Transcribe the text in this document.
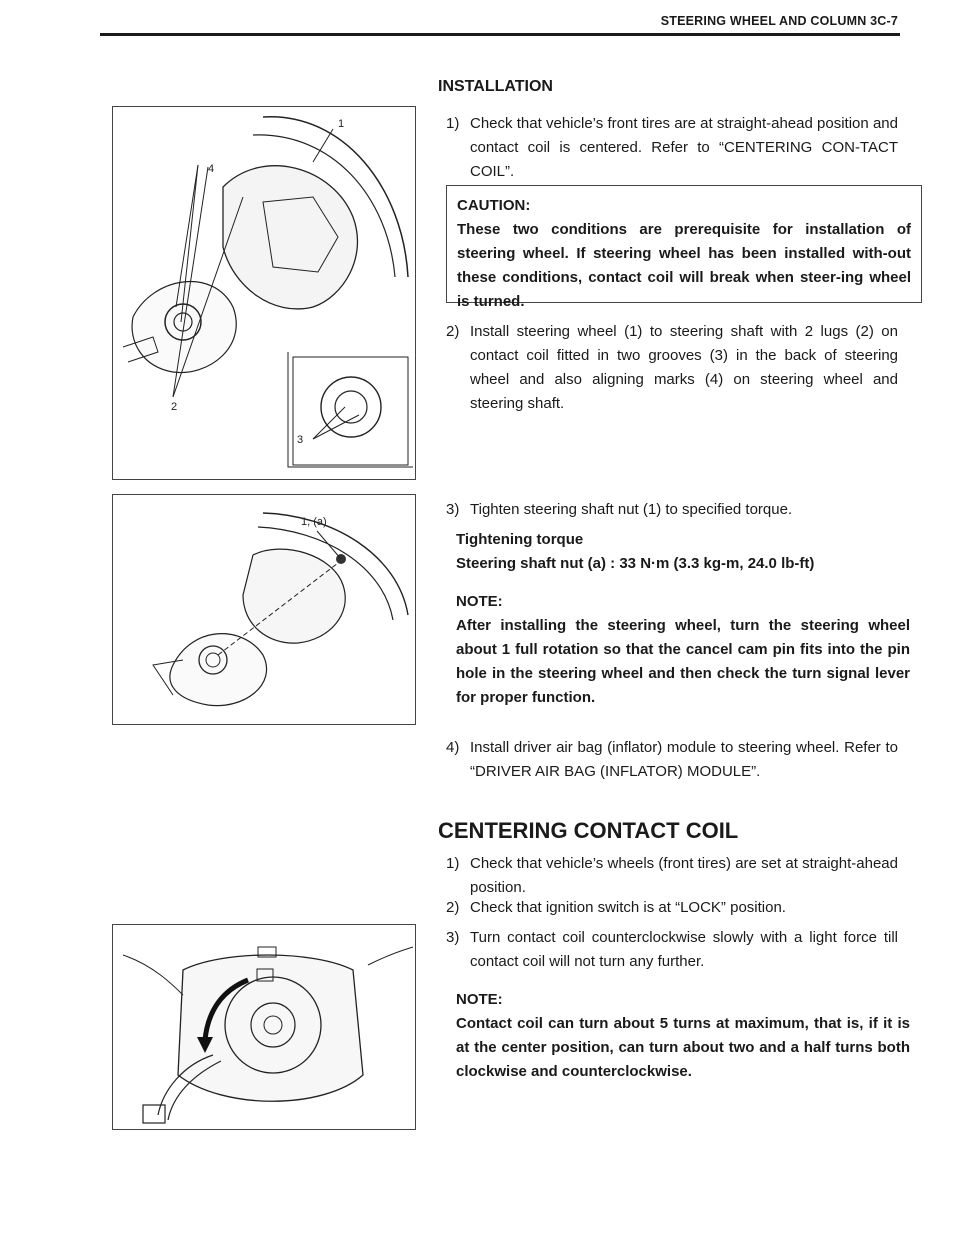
STEERING WHEEL AND COLUMN 3C-7
INSTALLATION
1
4
2
3
1) Check that vehicle’s front tires are at straight-ahead position and contact coil is centered. Refer to “CENTERING CON-TACT COIL”.
CAUTION:
These two conditions are prerequisite for installation of steering wheel. If steering wheel has been installed with-out these conditions, contact coil will break when steer-ing wheel is turned.
2) Install steering wheel (1) to steering shaft with 2 lugs (2) on contact coil fitted in two grooves (3) in the back of steering wheel and also aligning marks (4) on steering wheel and steering shaft.
1, (a)
3) Tighten steering shaft nut (1) to specified torque.
Tightening torque
Steering shaft nut (a) : 33 N·m (3.3 kg-m, 24.0 lb-ft)
NOTE:
After installing the steering wheel, turn the steering wheel about 1 full rotation so that the cancel cam pin fits into the pin hole in the steering wheel and then check the turn signal lever for proper function.
4) Install driver air bag (inflator) module to steering wheel. Refer to “DRIVER AIR BAG (INFLATOR) MODULE”.
CENTERING CONTACT COIL
1) Check that vehicle’s wheels (front tires) are set at straight-ahead position.
2) Check that ignition switch is at “LOCK” position.
3) Turn contact coil counterclockwise slowly with a light force till contact coil will not turn any further.
NOTE:
Contact coil can turn about 5 turns at maximum, that is, if it is at the center position, can turn about two and a half turns both clockwise and counterclockwise.
